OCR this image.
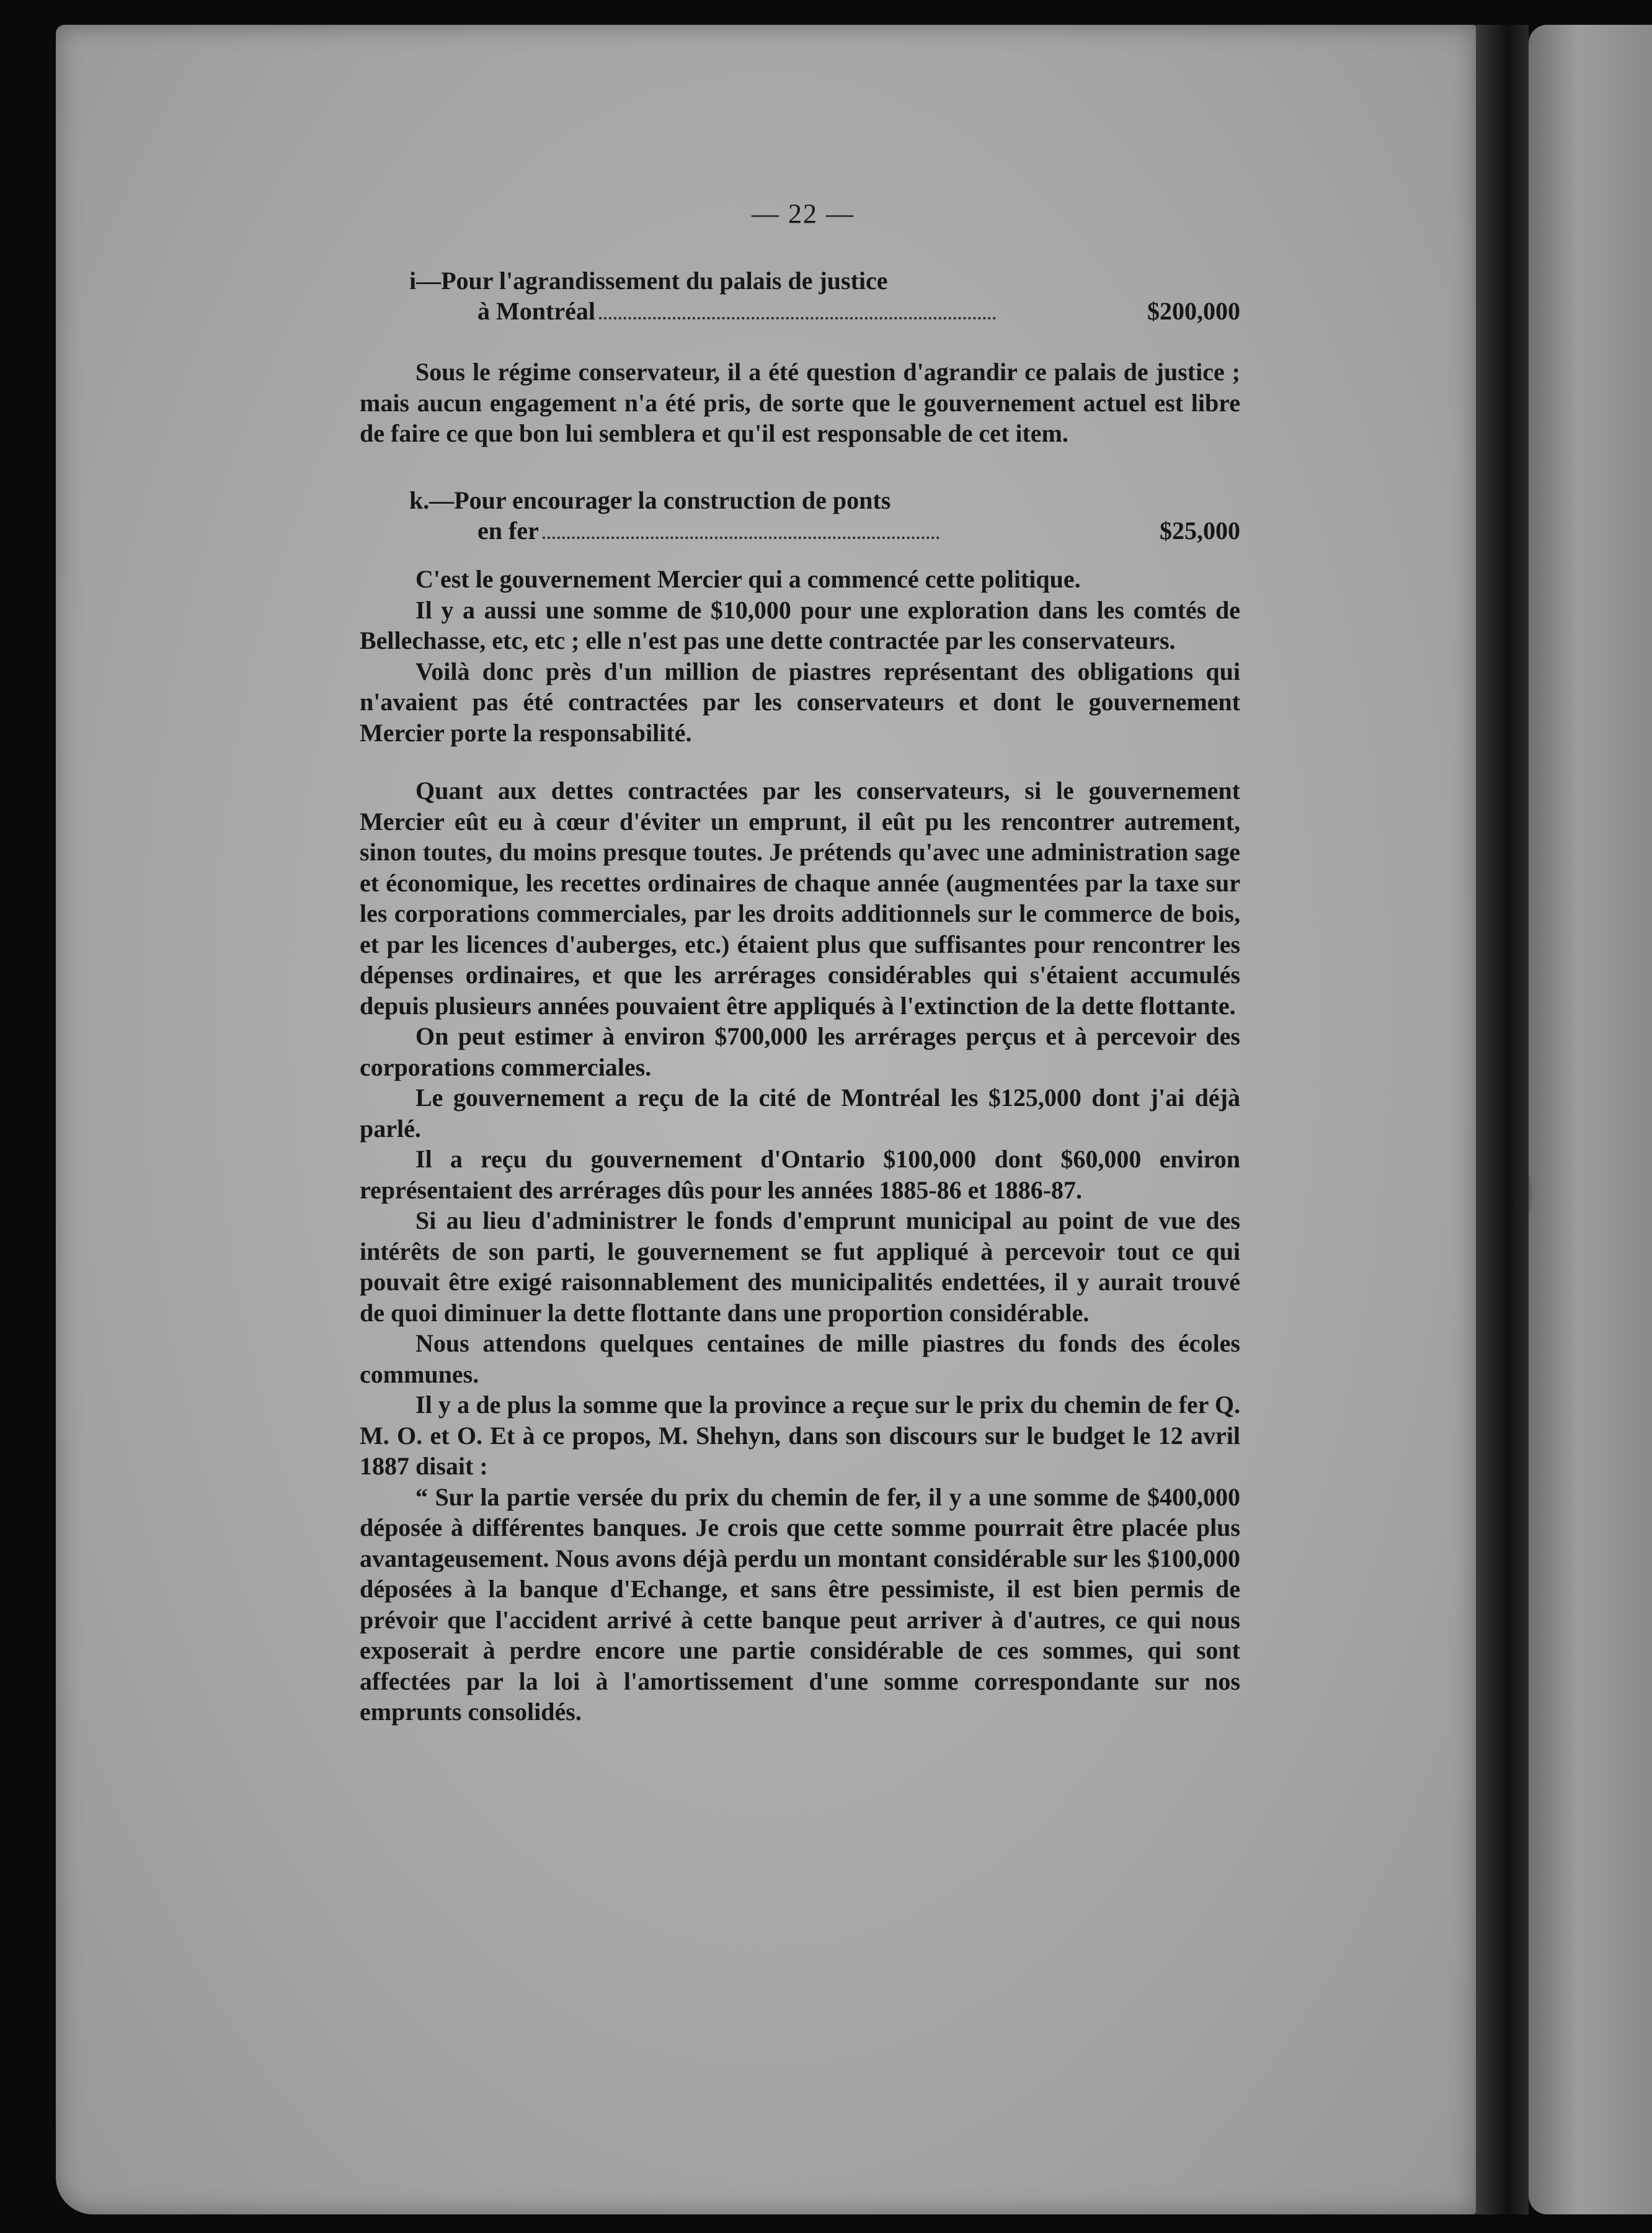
— 22 —
i—Pour l'agrandissement du palais de justice
à Montréal	$200,000

Sous le régime conservateur, il a été question d'agrandir ce palais de justice ; mais aucun engagement n'a été pris, de sorte que le gouvernement actuel est libre de faire ce que bon lui semblera et qu'il est responsable de cet item.

k.—Pour encourager la construction de ponts
en fer	$25,000

C'est le gouvernement Mercier qui a commencé cette politique.

Il y a aussi une somme de $10,000 pour une exploration dans les comtés de Bellechasse, etc, etc ; elle n'est pas une dette contractée par les conservateurs.

Voilà donc près d'un million de piastres représentant des obligations qui n'avaient pas été contractées par les conservateurs et dont le gouvernement Mercier porte la responsabilité.

Quant aux dettes contractées par les conservateurs, si le gouvernement Mercier eût eu à cœur d'éviter un emprunt, il eût pu les rencontrer autrement, sinon toutes, du moins presque toutes. Je prétends qu'avec une administration sage et économique, les recettes ordinaires de chaque année (augmentées par la taxe sur les corporations commerciales, par les droits additionnels sur le commerce de bois, et par les licences d'auberges, etc.) étaient plus que suffisantes pour rencontrer les dépenses ordinaires, et que les arrérages considérables qui s'étaient accumulés depuis plusieurs années pouvaient être appliqués à l'extinction de la dette flottante.

On peut estimer à environ $700,000 les arrérages perçus et à percevoir des corporations commerciales.

Le gouvernement a reçu de la cité de Montréal les $125,000 dont j'ai déjà parlé.

Il a reçu du gouvernement d'Ontario $100,000 dont $60,000 environ représentaient des arrérages dûs pour les années 1885-86 et 1886-87.

Si au lieu d'administrer le fonds d'emprunt municipal au point de vue des intérêts de son parti, le gouvernement se fut appliqué à percevoir tout ce qui pouvait être exigé raisonnablement des municipalités endettées, il y aurait trouvé de quoi diminuer la dette flottante dans une proportion considérable.

Nous attendons quelques centaines de mille piastres du fonds des écoles communes.

Il y a de plus la somme que la province a reçue sur le prix du chemin de fer Q. M. O. et O. Et à ce propos, M. Shehyn, dans son discours sur le budget le 12 avril 1887 disait :

“ Sur la partie versée du prix du chemin de fer, il y a une somme de $400,000 déposée à différentes banques. Je crois que cette somme pourrait être placée plus avantageusement. Nous avons déjà perdu un montant considérable sur les $100,000 déposées à la banque d'Echange, et sans être pessimiste, il est bien permis de prévoir que l'accident arrivé à cette banque peut arriver à d'autres, ce qui nous exposerait à perdre encore une partie considérable de ces sommes, qui sont affectées par la loi à l'amortissement d'une somme correspondante sur nos emprunts consolidés.
